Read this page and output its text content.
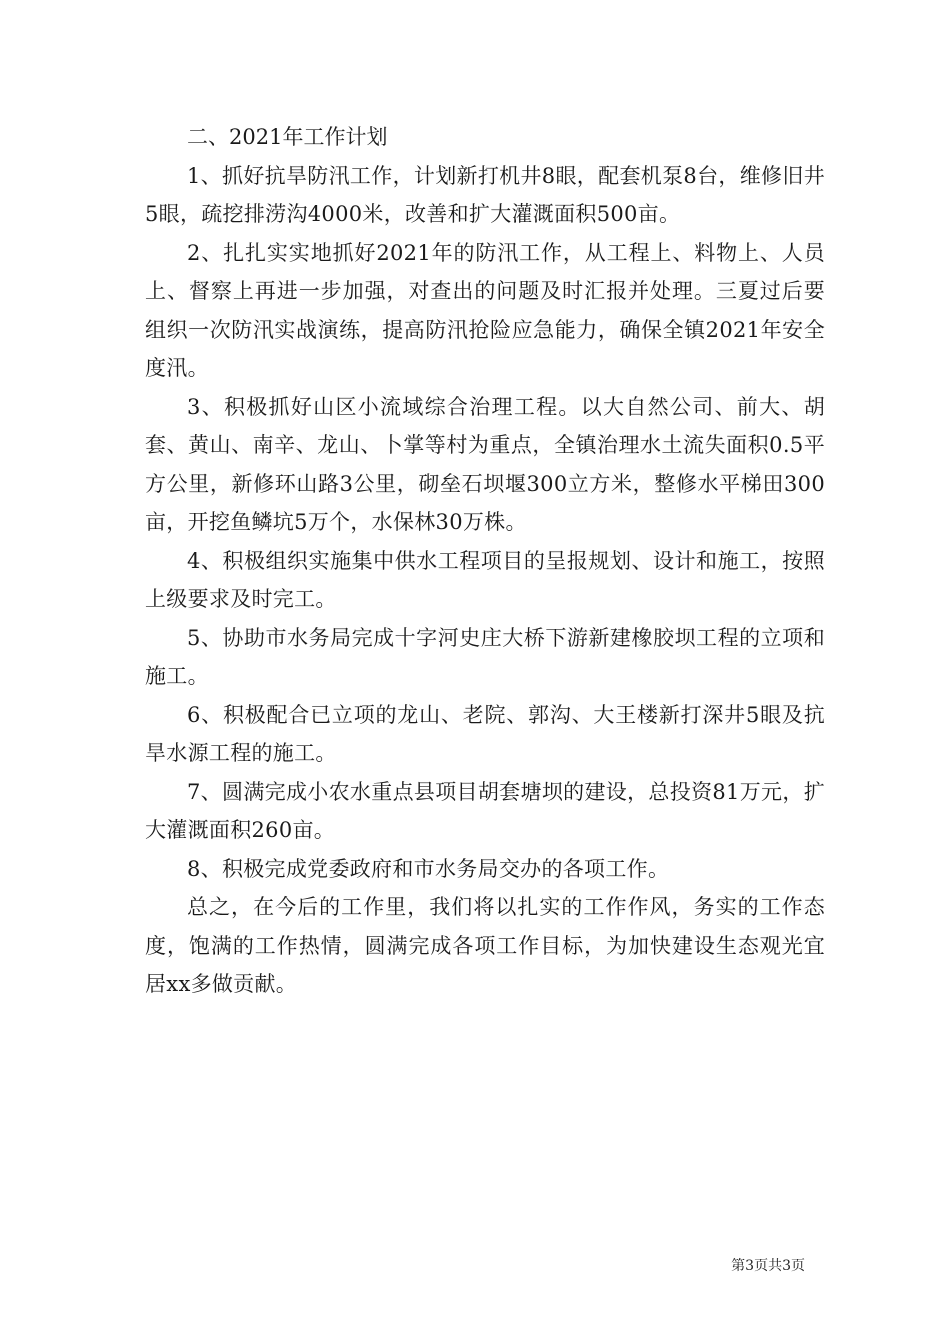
二、2021年工作计划

1、抓好抗旱防汛工作，计划新打机井8眼，配套机泵8台，维修旧井5眼，疏挖排涝沟4000米，改善和扩大灌溉面积500亩。

2、扎扎实实地抓好2021年的防汛工作，从工程上、料物上、人员上、督察上再进一步加强，对查出的问题及时汇报并处理。三夏过后要组织一次防汛实战演练，提高防汛抢险应急能力，确保全镇2021年安全度汛。

3、积极抓好山区小流域综合治理工程。以大自然公司、前大、胡套、黄山、南辛、龙山、卜掌等村为重点，全镇治理水土流失面积0.5平方公里，新修环山路3公里，砌垒石坝堰300立方米，整修水平梯田300亩，开挖鱼鳞坑5万个，水保林30万株。

4、积极组织实施集中供水工程项目的呈报规划、设计和施工，按照上级要求及时完工。

5、协助市水务局完成十字河史庄大桥下游新建橡胶坝工程的立项和施工。

6、积极配合已立项的龙山、老院、郭沟、大王楼新打深井5眼及抗旱水源工程的施工。

7、圆满完成小农水重点县项目胡套塘坝的建设，总投资81万元，扩大灌溉面积260亩。

8、积极完成党委政府和市水务局交办的各项工作。

总之，在今后的工作里，我们将以扎实的工作作风，务实的工作态度，饱满的工作热情，圆满完成各项工作目标，为加快建设生态观光宜居xx多做贡献。

第3页共3页
